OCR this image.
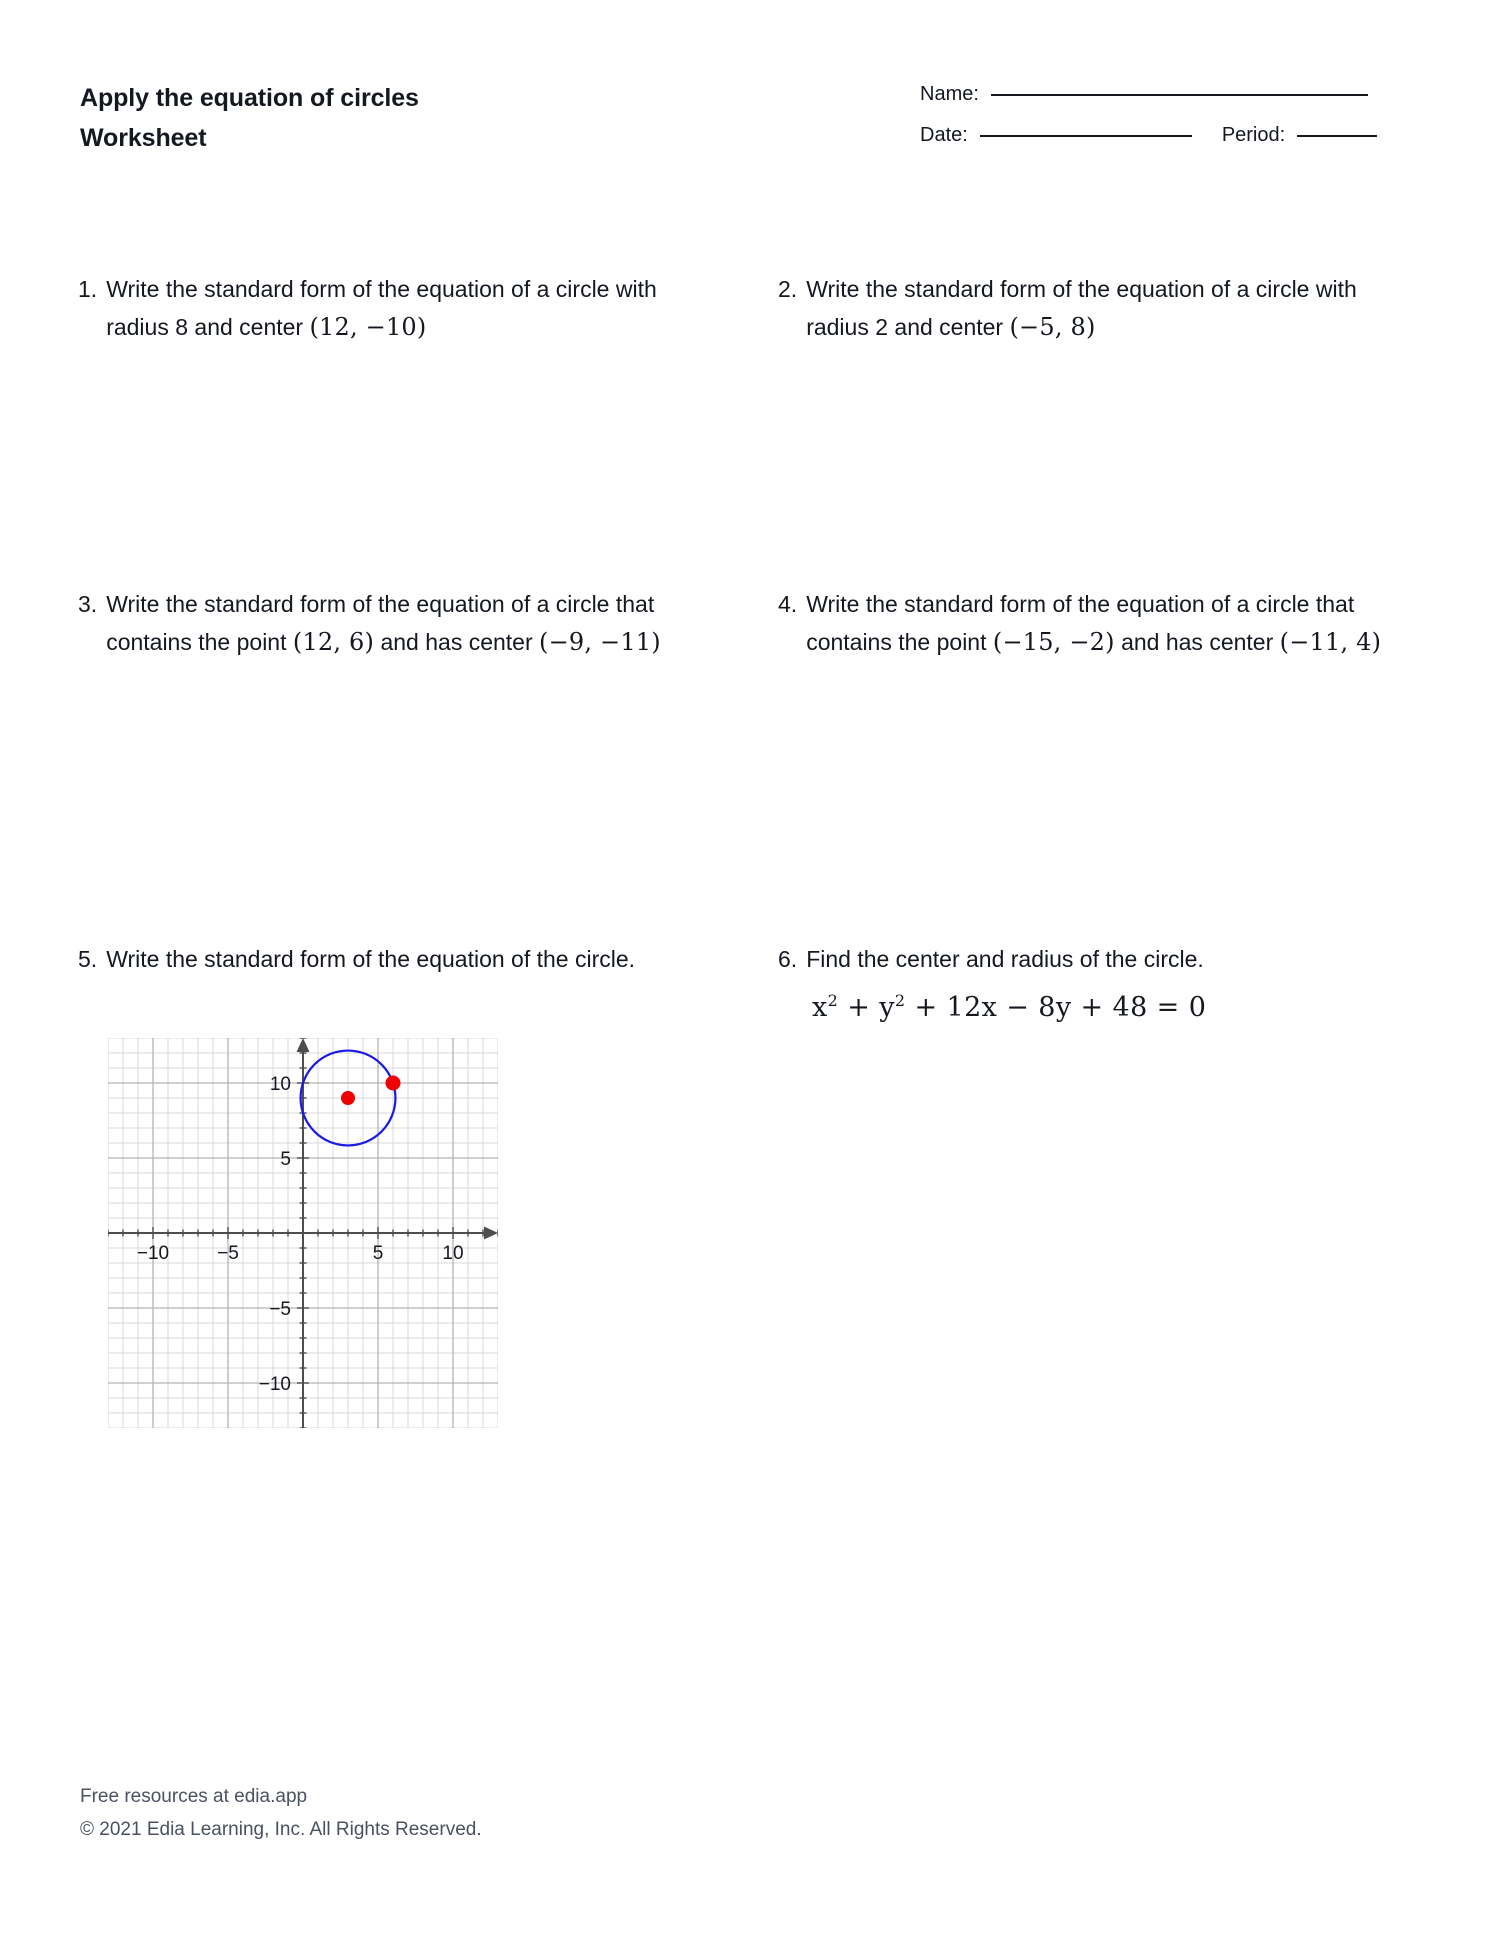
Apply the equation of circles
Worksheet
Name:
Date:	Period:
1. Write the standard form of the equation of a circle with radius 8 and center (12, −10)
2. Write the standard form of the equation of a circle with radius 2 and center (−5, 8)
3. Write the standard form of the equation of a circle that contains the point (12, 6) and has center (−9, −11)
4. Write the standard form of the equation of a circle that contains the point (−15, −2) and has center (−11, 4)
5. Write the standard form of the equation of the circle.	6. Find the center and radius of the circle.
$x^2 + y^2 + 12x - 8y + 48 = 0$
−10	−5	5	10
10
5
−5
−10
Free resources at edia.app
© 2021 Edia Learning, Inc. All Rights Reserved.
